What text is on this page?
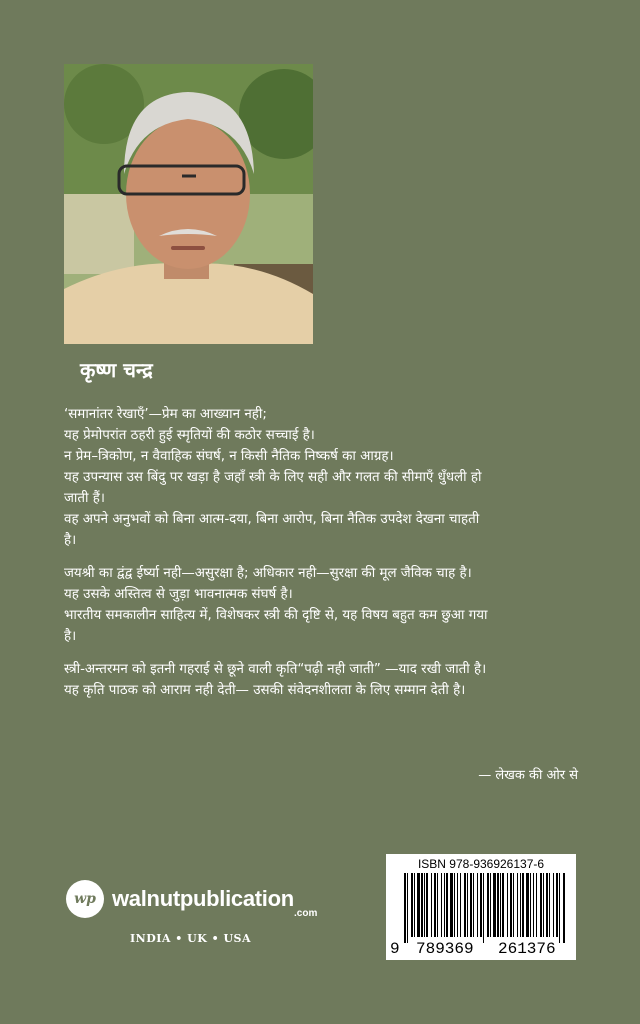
कृष्ण चन्द्र

‘समानांतर रेखाएँ’—प्रेम का आख्यान नही;

यह प्रेमोपरांत ठहरी हुई स्मृतियों की कठोर सच्चाई है।

न प्रेम–त्रिकोण, न वैवाहिक संघर्ष, न किसी नैतिक निष्कर्ष का आग्रह।

यह उपन्यास उस बिंदु पर खड़ा है जहाँ स्त्री के लिए सही और गलत की सीमाएँ धुँधली हो

जाती हैं।

वह अपने अनुभवों को बिना आत्म-दया, बिना आरोप, बिना नैतिक उपदेश देखना चाहती

है।

जयश्री का द्वंद्व ईर्ष्या नही—असुरक्षा है; अधिकार नही—सुरक्षा की मूल जैविक चाह है।

यह उसके अस्तित्व से जुड़ा भावनात्मक संघर्ष है।

भारतीय समकालीन साहित्य में, विशेषकर स्त्री की दृष्टि से, यह विषय बहुत कम छुआ गया

है।

स्त्री-अन्तरमन को इतनी गहराई से छूने वाली कृति“पढ़ी नही जाती” —याद रखी जाती है।

यह कृति पाठक को आराम नही देती— उसकी संवेदनशीलता के लिए सम्मान देती है।

— लेखक की ओर से
wp walnutpublication
.com
INDIA • UK • USA
ISBN 978-936926137-6
9 789369 261376
